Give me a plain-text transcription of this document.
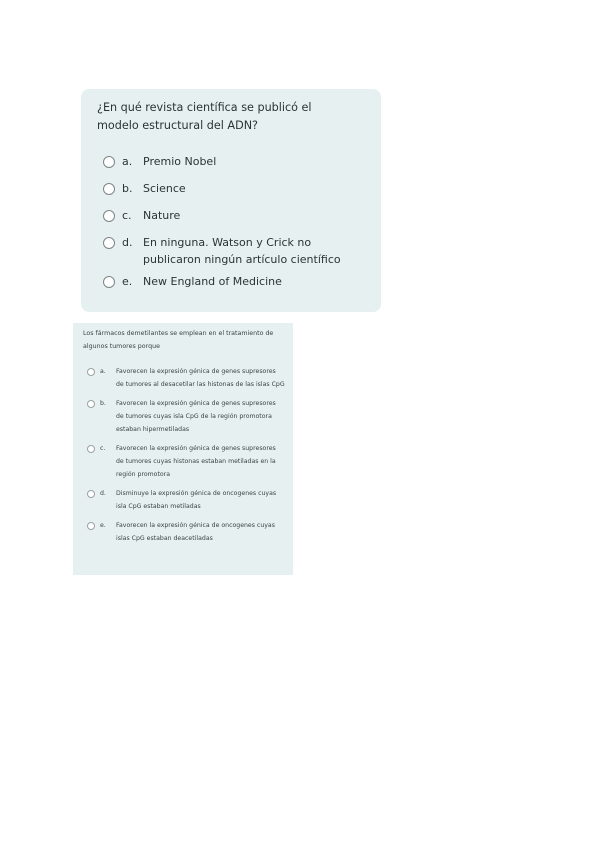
¿En qué revista científica se publicó el modelo estructural del ADN?

a. Premio Nobel
b. Science
c.	Nature
d. En ninguna. Watson y Crick no publicaron ningún artículo científico
e. New England of Medicine

Los fármacos demetilantes se emplean en el tratamiento de algunos tumores porque

a.	Favorecen la expresión génica de genes supresores de tumores al desacetilar las histonas de las islas CpG
b.	Favorecen la expresión génica de genes supresores de tumores cuyas isla CpG de la región promotora estaban hipermetiladas
c.	Favorecen la expresión génica de genes supresores de tumores cuyas histonas estaban metiladas en la región promotora
d.	Disminuye la expresión génica de oncogenes cuyas isla CpG estaban metiladas
e.	Favorecen la expresión génica de oncogenes cuyas islas CpG estaban deacetiladas
